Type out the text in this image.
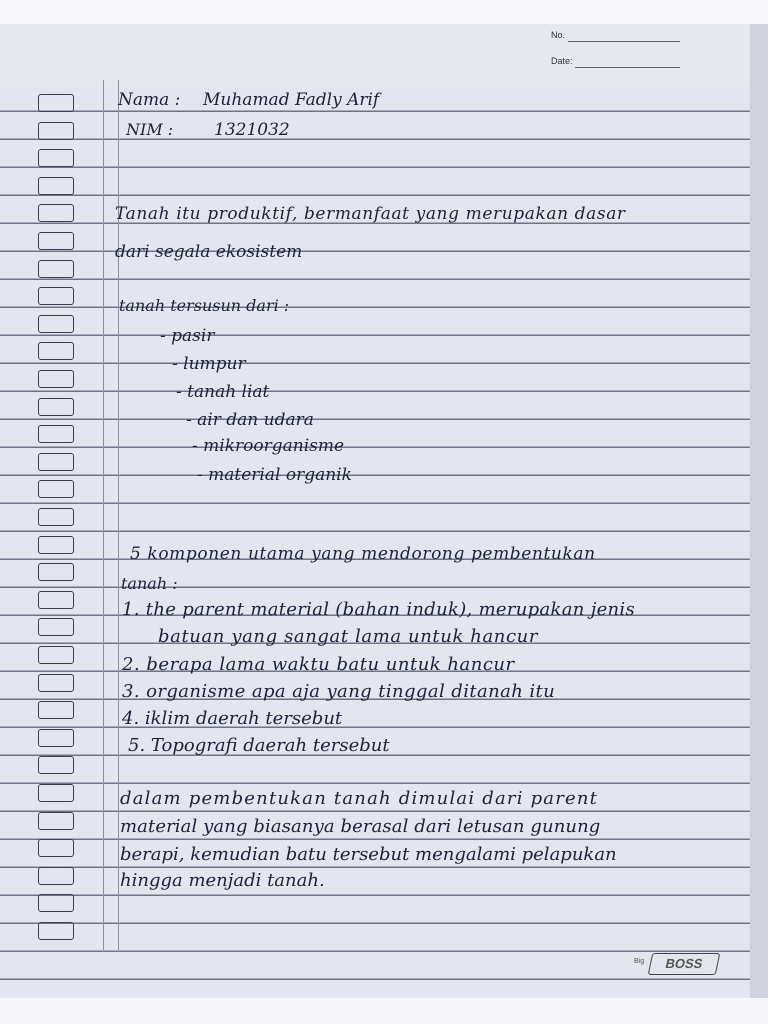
No.
Date:
Nama : Muhamad Fadly Arif
NIM : 1321032
Tanah itu produktif, bermanfaat yang merupakan dasar
dari segala ekosistem
tanah tersusun dari :
- pasir
- lumpur
- tanah liat
- air dan udara
- mikroorganisme
- material organik
5 komponen utama yang mendorong pembentukan
tanah :
1. the parent material (bahan induk), merupakan jenis
batuan yang sangat lama untuk hancur
2. berapa lama waktu batu untuk hancur
3. organisme apa aja yang tinggal ditanah itu
4. iklim daerah tersebut
5. Topografi daerah tersebut
dalam pembentukan tanah dimulai dari parent
material yang biasanya berasal dari letusan gunung
berapi, kemudian batu tersebut mengalami pelapukan
hingga menjadi tanah.
Big	BOSS
